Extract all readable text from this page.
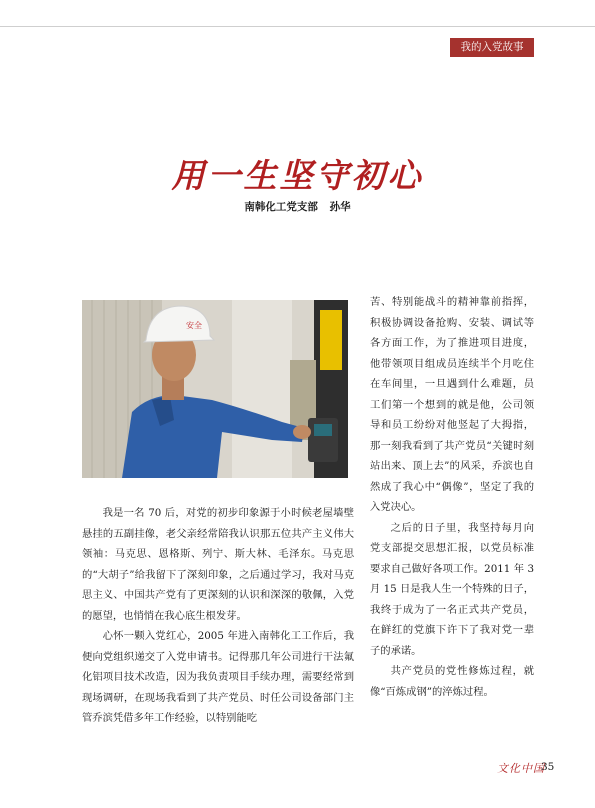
我的入党故事
用一生坚守初心
南韩化工党支部 孙华
安全

苦、特别能战斗的精神靠前指挥，积极协调设备抢购、安装、调试等各方面工作，为了推进项目进度，他带领项目组成员连续半个月吃住在车间里，一旦遇到什么难题，员工们第一个想到的就是他，公司领导和员工纷纷对他竖起了大拇指，那一刻我看到了共产党员“关键时刻站出来、顶上去”的风采，乔滨也自然成了我心中“偶像”，坚定了我的入党决心。

之后的日子里，我坚持每月向党支部提交思想汇报，以党员标准要求自己做好各项工作。2011 年 3 月 15 日是我人生一个特殊的日子，我终于成为了一名正式共产党员，在鲜红的党旗下许下了我对党一辈子的承诺。

共产党员的党性修炼过程，就像“百炼成钢”的淬炼过程。

我是一名 70 后，对党的初步印象源于小时候老屋墙壁悬挂的五副挂像，老父亲经常陪我认识那五位共产主义伟大领袖：马克思、恩格斯、列宁、斯大林、毛泽东。马克思的“大胡子”给我留下了深刻印象，之后通过学习，我对马克思主义、中国共产党有了更深刻的认识和深深的敬佩，入党的愿望，也悄悄在我心底生根发芽。

心怀一颗入党红心，2005 年进入南韩化工工作后，我便向党组织递交了入党申请书。记得那几年公司进行干法氟化铝项目技术改造，因为我负责项目手续办理，需要经常到现场调研，在现场我看到了共产党员、时任公司设备部门主管乔滨凭借多年工作经验，以特别能吃

文化中国
35
